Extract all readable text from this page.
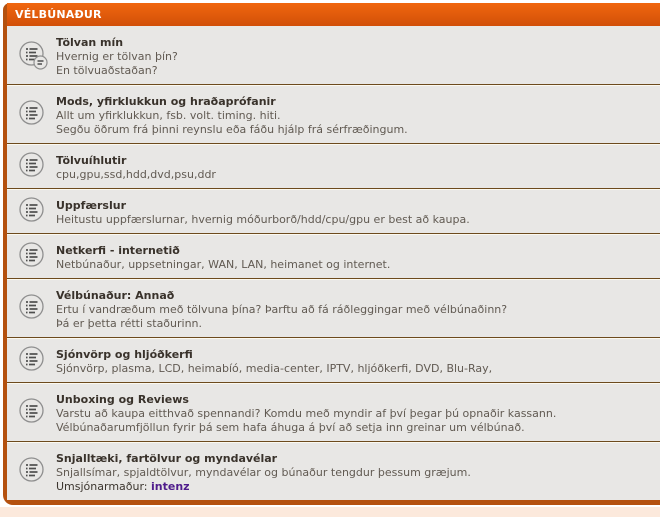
VÉLBÚNAÐUR
Tölvan mín
Hvernig er tölvan þín?
En tölvuaðstaðan?
Mods, yfirklukkun og hraðaprófanir
Allt um yfirklukkun, fsb. volt. timing. hiti.
Segðu öðrum frá þinni reynslu eða fáðu hjálp frá sérfræðingum.
Tölvuíhlutir
cpu,gpu,ssd,hdd,dvd,psu,ddr
Uppfærslur
Heitustu uppfærslurnar, hvernig móðurborð/hdd/cpu/gpu er best að kaupa.
Netkerfi - internetið
Netbúnaður, uppsetningar, WAN, LAN, heimanet og internet.
Vélbúnaður: Annað
Ertu í vandræðum með tölvuna þína? Þarftu að fá ráðleggingar með vélbúnaðinn?
Þá er þetta rétti staðurinn.
Sjónvörp og hljóðkerfi
Sjónvörp, plasma, LCD, heimabíó, media-center, IPTV, hljóðkerfi, DVD, Blu-Ray,
Unboxing og Reviews
Varstu að kaupa eitthvað spennandi? Komdu með myndir af því þegar þú opnaðir kassann.
Vélbúnaðarumfjöllun fyrir þá sem hafa áhuga á því að setja inn greinar um vélbúnað.
Snjalltæki, fartölvur og myndavélar
Snjallsímar, spjaldtölvur, myndavélar og búnaður tengdur þessum græjum.
Umsjónarmaður: intenz
